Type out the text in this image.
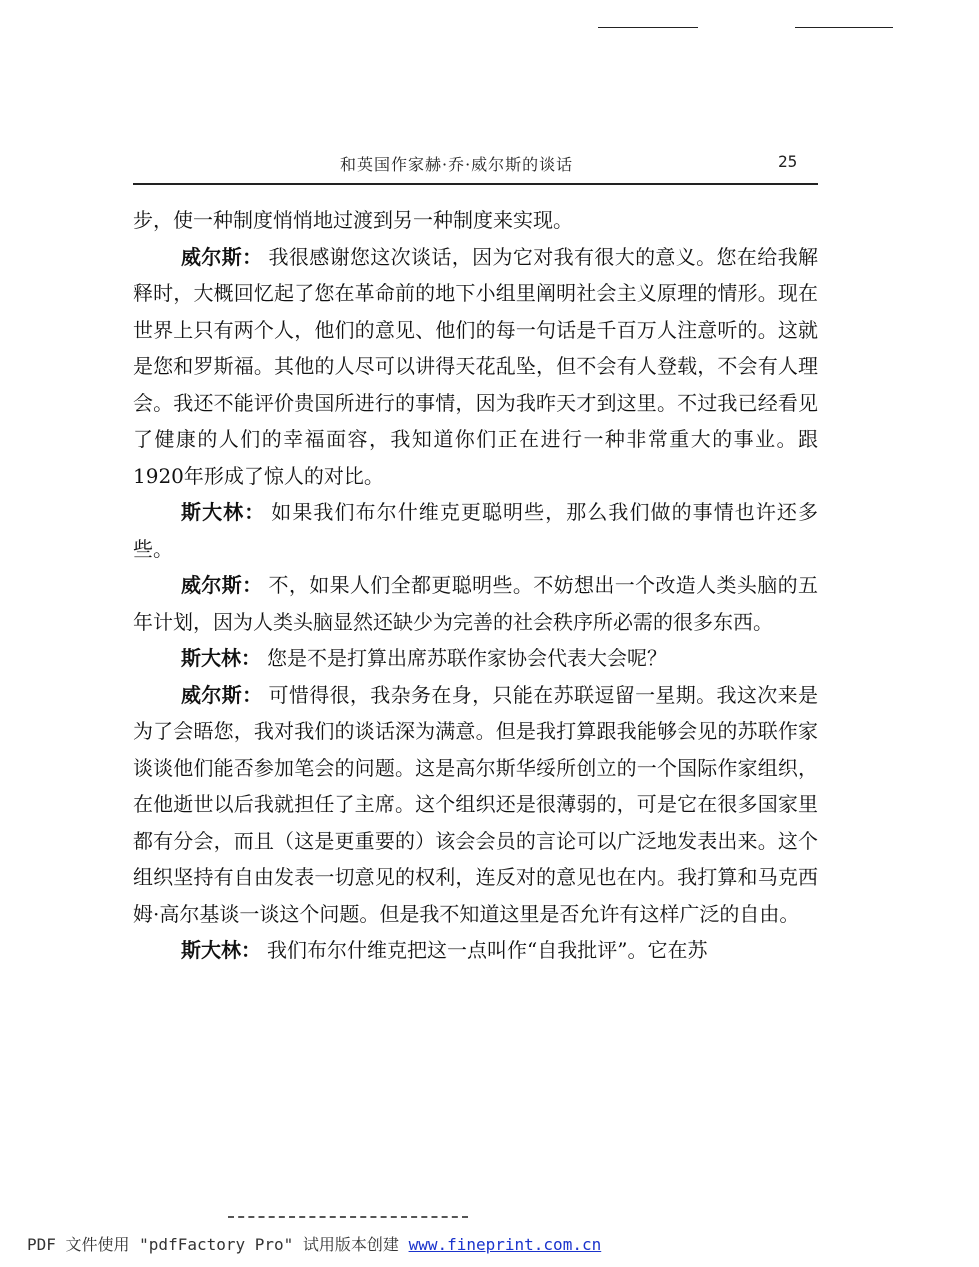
和英国作家赫·乔·威尔斯的谈话	25

步，使一种制度悄悄地过渡到另一种制度来实现。

威尔斯： 我很感谢您这次谈话，因为它对我有很大的意义。您在给我解释时，大概回忆起了您在革命前的地下小组里阐明社会主义原理的情形。现在世界上只有两个人，他们的意见、他们的每一句话是千百万人注意听的。这就是您和罗斯福。其他的人尽可以讲得天花乱坠，但不会有人登载，不会有人理会。我还不能评价贵国所进行的事情，因为我昨天才到这里。不过我已经看见了健康的人们的幸福面容，我知道你们正在进行一种非常重大的事业。跟1920年形成了惊人的对比。

斯大林： 如果我们布尔什维克更聪明些，那么我们做的事情也许还多些。

威尔斯： 不，如果人们全都更聪明些。不妨想出一个改造人类头脑的五年计划，因为人类头脑显然还缺少为完善的社会秩序所必需的很多东西。

斯大林： 您是不是打算出席苏联作家协会代表大会呢？

威尔斯： 可惜得很，我杂务在身，只能在苏联逗留一星期。我这次来是为了会晤您，我对我们的谈话深为满意。但是我打算跟我能够会见的苏联作家谈谈他们能否参加笔会的问题。这是高尔斯华绥所创立的一个国际作家组织，在他逝世以后我就担任了主席。这个组织还是很薄弱的，可是它在很多国家里都有分会，而且（这是更重要的）该会会员的言论可以广泛地发表出来。这个组织坚持有自由发表一切意见的权利，连反对的意见也在内。我打算和马克西姆·高尔基谈一谈这个问题。但是我不知道这里是否允许有这样广泛的自由。

斯大林： 我们布尔什维克把这一点叫作“自我批评”。它在苏

PDF 文件使用 "pdfFactory Pro" 试用版本创建 www.fineprint.com.cn
